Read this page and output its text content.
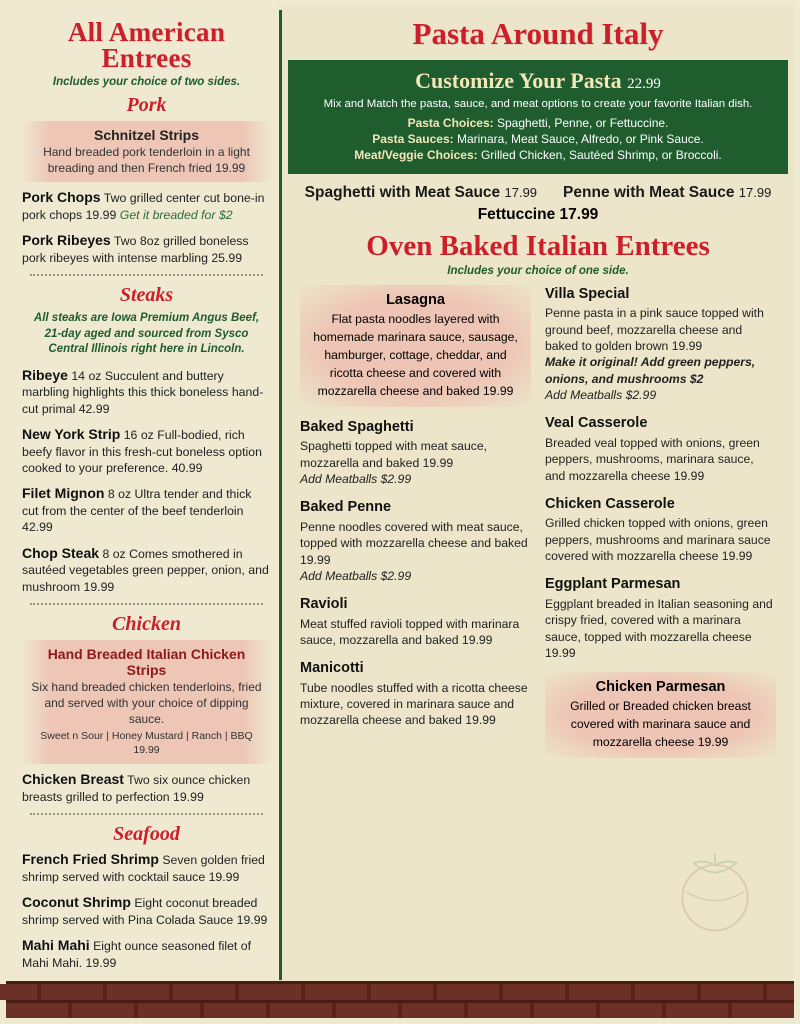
All American
Entrees
Includes your choice of two sides.
Pork
Schnitzel Strips
Hand breaded pork tenderloin in a light breading and then French fried 19.99
Pork Chops Two grilled center cut bone-in pork chops 19.99 Get it breaded for $2
Pork Ribeyes Two 8oz grilled boneless pork ribeyes with intense marbling 25.99
Steaks
All steaks are Iowa Premium Angus Beef, 21-day aged and sourced from Sysco Central Illinois right here in Lincoln.
Ribeye 14 oz Succulent and buttery marbling highlights this thick boneless hand-cut primal 42.99
New York Strip 16 oz Full-bodied, rich beefy flavor in this fresh-cut boneless option cooked to your preference. 40.99
Filet Mignon 8 oz Ultra tender and thick cut from the center of the beef tenderloin 42.99
Chop Steak 8 oz Comes smothered in sautéed vegetables green pepper, onion, and mushroom 19.99
Chicken
Hand Breaded Italian Chicken Strips
Six hand breaded chicken tenderloins, fried and served with your choice of dipping sauce.
Sweet n Sour | Honey Mustard | Ranch | BBQ 19.99
Chicken Breast Two six ounce chicken breasts grilled to perfection 19.99
Seafood
French Fried Shrimp Seven golden fried shrimp served with cocktail sauce 19.99
Coconut Shrimp Eight coconut breaded shrimp served with Pina Colada Sauce 19.99
Mahi Mahi Eight ounce seasoned filet of Mahi Mahi. 19.99
Pasta Around Italy
Customize Your Pasta 22.99
Mix and Match the pasta, sauce, and meat options to create your favorite Italian dish.
Pasta Choices: Spaghetti, Penne, or Fettuccine.
Pasta Sauces: Marinara, Meat Sauce, Alfredo, or Pink Sauce.
Meat/Veggie Choices: Grilled Chicken, Sautéed Shrimp, or Broccoli.
Spaghetti with Meat Sauce 17.99 Penne with Meat Sauce 17.99
Fettuccine 17.99
Oven Baked Italian Entrees
Includes your choice of one side.
Lasagna
Flat pasta noodles layered with homemade marinara sauce, sausage, hamburger, cottage, cheddar, and ricotta cheese and covered with mozzarella cheese and baked 19.99
Baked Spaghetti
Spaghetti topped with meat sauce, mozzarella and baked 19.99
Add Meatballs $2.99
Baked Penne
Penne noodles covered with meat sauce, topped with mozzarella cheese and baked 19.99
Add Meatballs $2.99
Ravioli
Meat stuffed ravioli topped with marinara sauce, mozzarella and baked 19.99
Manicotti
Tube noodles stuffed with a ricotta cheese mixture, covered in marinara sauce and mozzarella cheese and baked 19.99
Villa Special
Penne pasta in a pink sauce topped with ground beef, mozzarella cheese and baked to golden brown 19.99
Make it original! Add green peppers, onions, and mushrooms $2
Add Meatballs $2.99
Veal Casserole
Breaded veal topped with onions, green peppers, mushrooms, marinara sauce, and mozzarella cheese 19.99
Chicken Casserole
Grilled chicken topped with onions, green peppers, mushrooms and marinara sauce covered with mozzarella cheese 19.99
Eggplant Parmesan
Eggplant breaded in Italian seasoning and crispy fried, covered with a marinara sauce, topped with mozzarella cheese 19.99
Chicken Parmesan
Grilled or Breaded chicken breast covered with marinara sauce and mozzarella cheese 19.99
